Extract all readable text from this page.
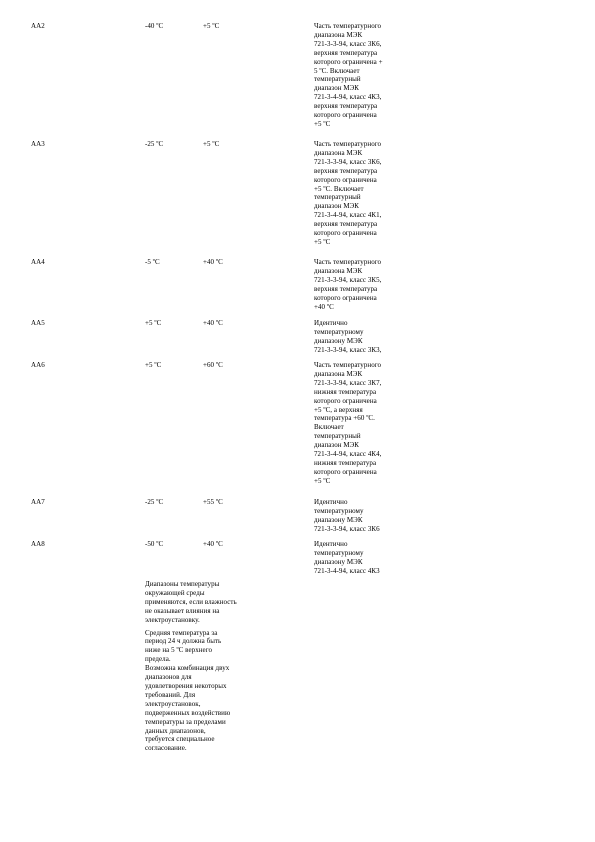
AA2	-40 ºC	+5 ºC	Часть температурного
диапазона МЭК
721-3-3-94, класс 3К6,
верхняя температура
которого ограничена +
5 ºС. Включает
температурный
диапазон МЭК
721-3-4-94, класс 4К3,
верхняя температура
которого ограничена
+5 ºС
AA3	-25 ºC	+5 ºC	Часть температурного
диапазона МЭК
721-3-3-94, класс 3К6,
верхняя температура
которого ограничена
+5 ºС. Включает
температурный
диапазон МЭК
721-3-4-94, класс 4К1,
верхняя температура
которого ограничена
+5 ºС
AA4	-5 ºC	+40 ºC	Часть температурного
диапазона МЭК
721-3-3-94, класс 3К5,
верхняя температура
которого ограничена
+40 ºС
AA5	+5 ºC	+40 ºC	Идентично
температурному
диапазону МЭК
721-3-3-94, класс 3К3,
AA6	+5 ºC	+60 ºC	Часть температурного
диапазона МЭК
721-3-3-94, класс 3К7,
нижняя температура
которого ограничена
+5 ºС, а верхняя
температура +60 ºС.
Включает
температурный
диапазон МЭК
721-3-4-94, класс 4К4,
нижняя температура
которого ограничена
+5 ºС
AA7	-25 ºC	+55 ºC	Идентично
температурному
диапазону МЭК
721-3-3-94, класс 3К6
AA8	-50 ºC	+40 ºC	Идентично
температурному
диапазону МЭК
721-3-4-94, класс 4К3
Диапазоны температуры
окружающей среды
применяются, если влажность
не оказывает влияния на
электроустановку.
Средняя температура за
период 24 ч должна быть
ниже на 5 ºС верхнего
предела.
Возможна комбинация двух
диапазонов для
удовлетворения некоторых
требований. Для
электроустановок,
подверженных воздействию
температуры за пределами
данных диапазонов,
требуется специальное
согласование.
